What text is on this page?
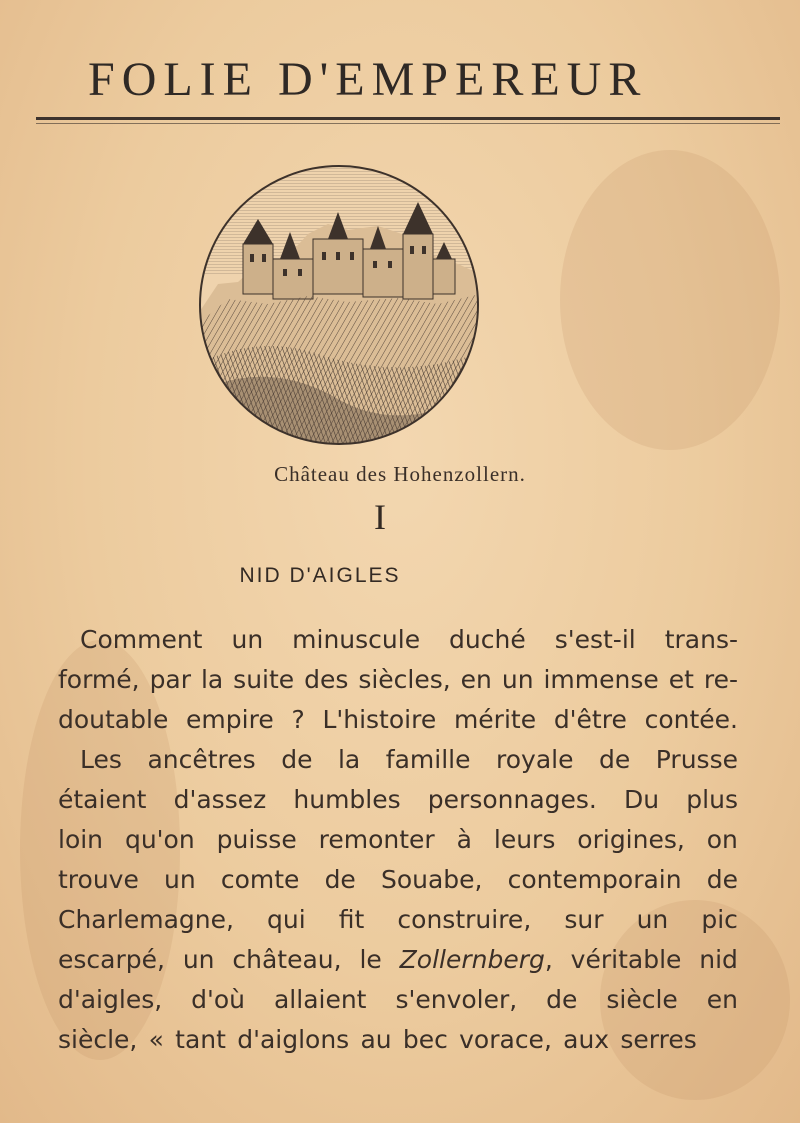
FOLIE D'EMPEREUR
Château des Hohenzollern.
I
NID D'AIGLES
Comment un minuscule duché s'est-il trans-
formé, par la suite des siècles, en un immense et re-
doutable empire ? L'histoire mérite d'être contée.
Les ancêtres de la famille royale de Prusse
étaient d'assez humbles personnages. Du plus
loin qu'on puisse remonter à leurs origines, on
trouve un comte de Souabe, contemporain de
Charlemagne, qui fit construire, sur un pic
escarpé, un château, le Zollernberg, véritable nid
d'aigles, d'où allaient s'envoler, de siècle en
siècle, « tant d'aiglons au bec vorace, aux serres
